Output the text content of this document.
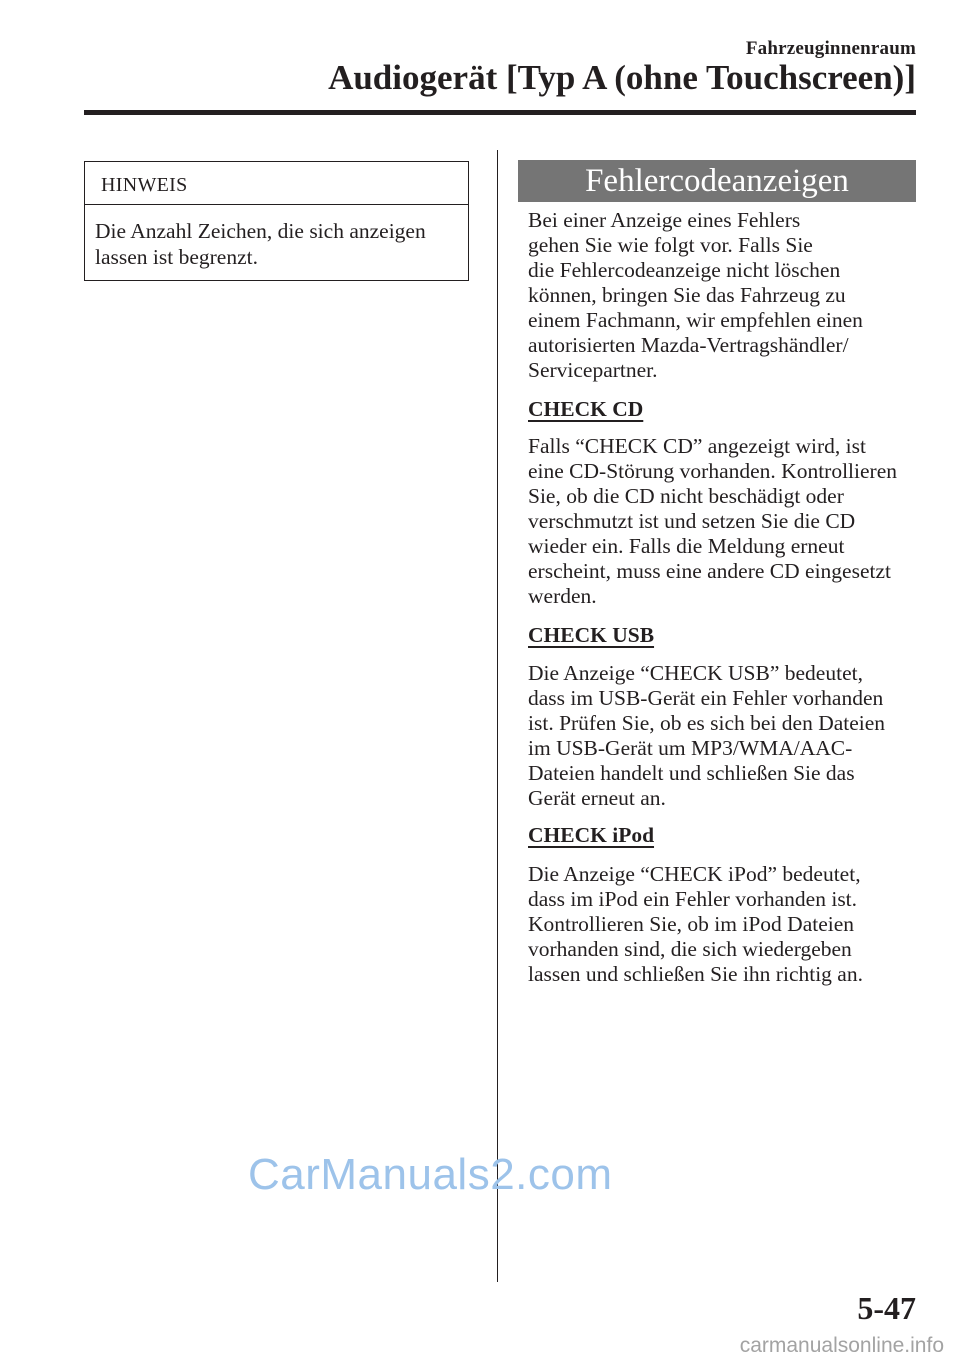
Fahrzeuginnenraum
Audiogerät [Typ A (ohne Touchscreen)]
HINWEIS
Die Anzahl Zeichen, die sich anzeigen
lassen ist begrenzt.
Fehlercodeanzeigen
Bei einer Anzeige eines Fehlers
gehen Sie wie folgt vor. Falls Sie
die Fehlercodeanzeige nicht löschen
können, bringen Sie das Fahrzeug zu
einem Fachmann, wir empfehlen einen
autorisierten Mazda-Vertragshändler/
Servicepartner.
CHECK CD
Falls “CHECK CD” angezeigt wird, ist
eine CD-Störung vorhanden. Kontrollieren
Sie, ob die CD nicht beschädigt oder
verschmutzt ist und setzen Sie die CD
wieder ein. Falls die Meldung erneut
erscheint, muss eine andere CD eingesetzt
werden.
CHECK USB
Die Anzeige “CHECK USB” bedeutet,
dass im USB-Gerät ein Fehler vorhanden
ist. Prüfen Sie, ob es sich bei den Dateien
im USB-Gerät um MP3/WMA/AAC-
Dateien handelt und schließen Sie das
Gerät erneut an.
CHECK iPod
Die Anzeige “CHECK iPod” bedeutet,
dass im iPod ein Fehler vorhanden ist.
Kontrollieren Sie, ob im iPod Dateien
vorhanden sind, die sich wiedergeben
lassen und schließen Sie ihn richtig an.
CarManuals2.com
5-47
carmanualsonline.info
